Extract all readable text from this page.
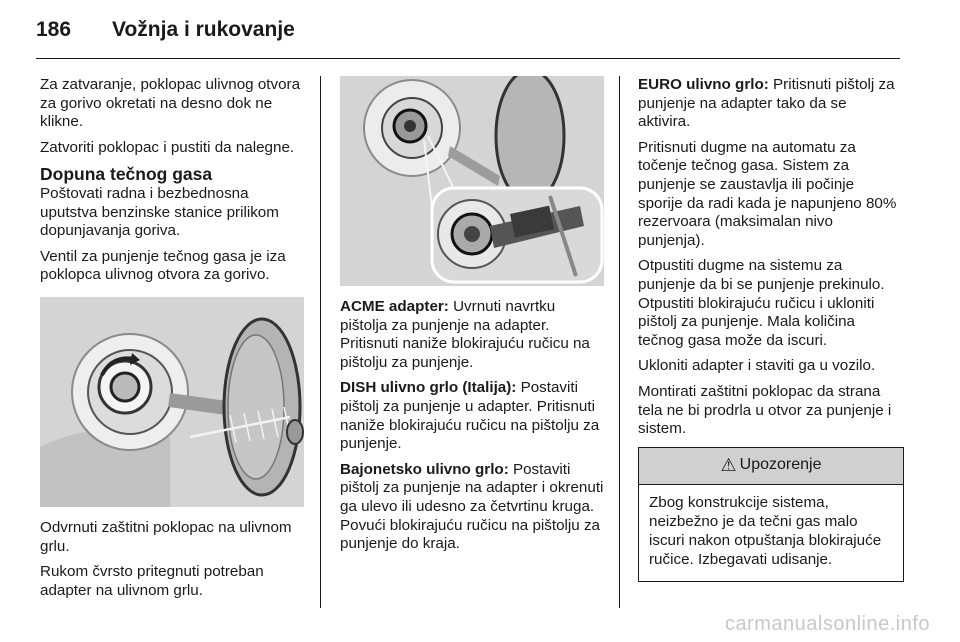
186	Vožnja i rukovanje

Za zatvaranje, poklopac ulivnog otvora za gorivo okretati na desno dok ne klikne.

Zatvoriti poklopac i pustiti da nalegne.

Dopuna tečnog gasa

Poštovati radna i bezbednosna uputstva benzinske stanice prilikom dopunjavanja goriva.

Ventil za punjenje tečnog gasa je iza poklopca ulivnog otvora za gorivo.

Odvrnuti zaštitni poklopac na ulivnom grlu.

Rukom čvrsto pritegnuti potreban adapter na ulivnom grlu.

ACME adapter: Uvrnuti navrtku pištolja za punjenje na adapter. Pritisnuti naniže blokirajuću ručicu na pištolju za punjenje.

DISH ulivno grlo (Italija): Postaviti pištolj za punjenje u adapter. Pritisnuti naniže blokirajuću ručicu na pištolju za punjenje.

Bajonetsko ulivno grlo: Postaviti pištolj za punjenje na adapter i okrenuti ga ulevo ili udesno za četvrtinu kruga. Povući blokirajuću ručicu na pištolju za punjenje do kraja.

EURO ulivno grlo: Pritisnuti pištolj za punjenje na adapter tako da se aktivira.

Pritisnuti dugme na automatu za točenje tečnog gasa. Sistem za punjenje se zaustavlja ili počinje sporije da radi kada je napunjeno 80% rezervoara (maksimalan nivo punjenja).

Otpustiti dugme na sistemu za punjenje da bi se punjenje prekinulo. Otpustiti blokirajuću ručicu i ukloniti pištolj za punjenje. Mala količina tečnog gasa može da iscuri.

Ukloniti adapter i staviti ga u vozilo.

Montirati zaštitni poklopac da strana tela ne bi prodrla u otvor za punjenje i sistem.

⚠ Upozorenje
Zbog konstrukcije sistema, neizbežno je da tečni gas malo iscuri nakon otpuštanja blokirajuće ručice. Izbegavati udisanje.
carmanualsonline.info
